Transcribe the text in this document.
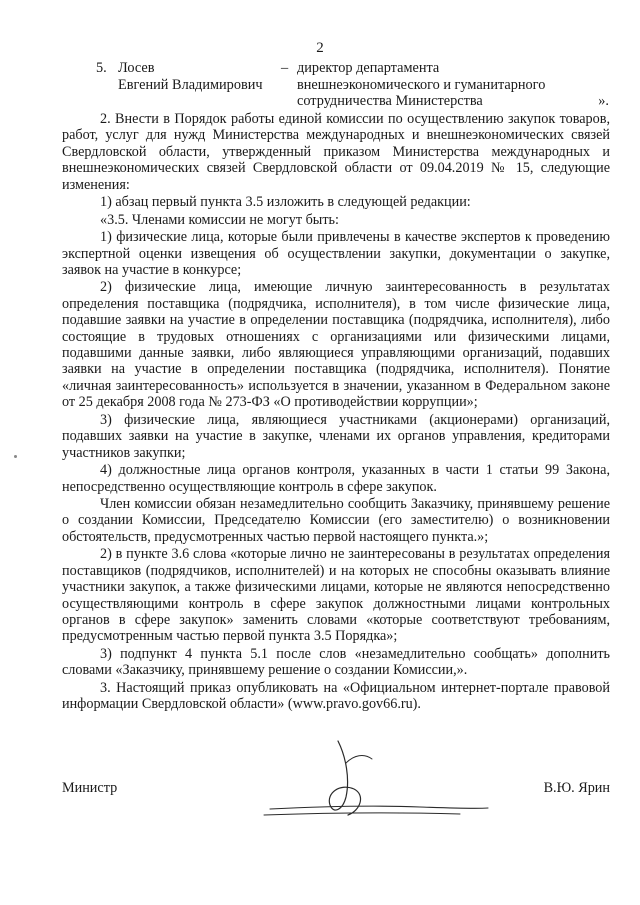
2
5. Лосев
Евгений Владимирович
– директор департамента
внешнеэкономического и гуманитарного
сотрудничества Министерства	».

2. Внести в Порядок работы единой комиссии по осуществлению закупок товаров, работ, услуг для нужд Министерства международных и внешнеэкономических связей Свердловской области, утвержденный приказом Министерства международных и внешнеэкономических связей Свердловской области от 09.04.2019 № 15, следующие изменения:

1) абзац первый пункта 3.5 изложить в следующей редакции:

«3.5. Членами комиссии не могут быть:

1) физические лица, которые были привлечены в качестве экспертов к проведению экспертной оценки извещения об осуществлении закупки, документации о закупке, заявок на участие в конкурсе;

2) физические лица, имеющие личную заинтересованность в результатах определения поставщика (подрядчика, исполнителя), в том числе физические лица, подавшие заявки на участие в определении поставщика (подрядчика, исполнителя), либо состоящие в трудовых отношениях с организациями или физическими лицами, подавшими данные заявки, либо являющиеся управляющими организаций, подавших заявки на участие в определении поставщика (подрядчика, исполнителя). Понятие «личная заинтересованность» используется в значении, указанном в Федеральном законе от 25 декабря 2008 года № 273-ФЗ «О противодействии коррупции»;

3) физические лица, являющиеся участниками (акционерами) организаций, подавших заявки на участие в закупке, членами их органов управления, кредиторами участников закупки;

4) должностные лица органов контроля, указанных в части 1 статьи 99 Закона, непосредственно осуществляющие контроль в сфере закупок.

Член комиссии обязан незамедлительно сообщить Заказчику, принявшему решение о создании Комиссии, Председателю Комиссии (его заместителю) о возникновении обстоятельств, предусмотренных частью первой настоящего пункта.»;

2) в пункте 3.6 слова «которые лично не заинтересованы в результатах определения поставщиков (подрядчиков, исполнителей) и на которых не способны оказывать влияние участники закупок, а также физическими лицами, которые не являются непосредственно осуществляющими контроль в сфере закупок должностными лицами контрольных органов в сфере закупок» заменить словами «которые соответствуют требованиям, предусмотренным частью первой пункта 3.5 Порядка»;

3) подпункт 4 пункта 5.1 после слов «незамедлительно сообщать» дополнить словами «Заказчику, принявшему решение о создании Комиссии,».

3. Настоящий приказ опубликовать на «Официальном интернет-портале правовой информации Свердловской области» (www.pravo.gov66.ru).

Министр	В.Ю. Ярин
